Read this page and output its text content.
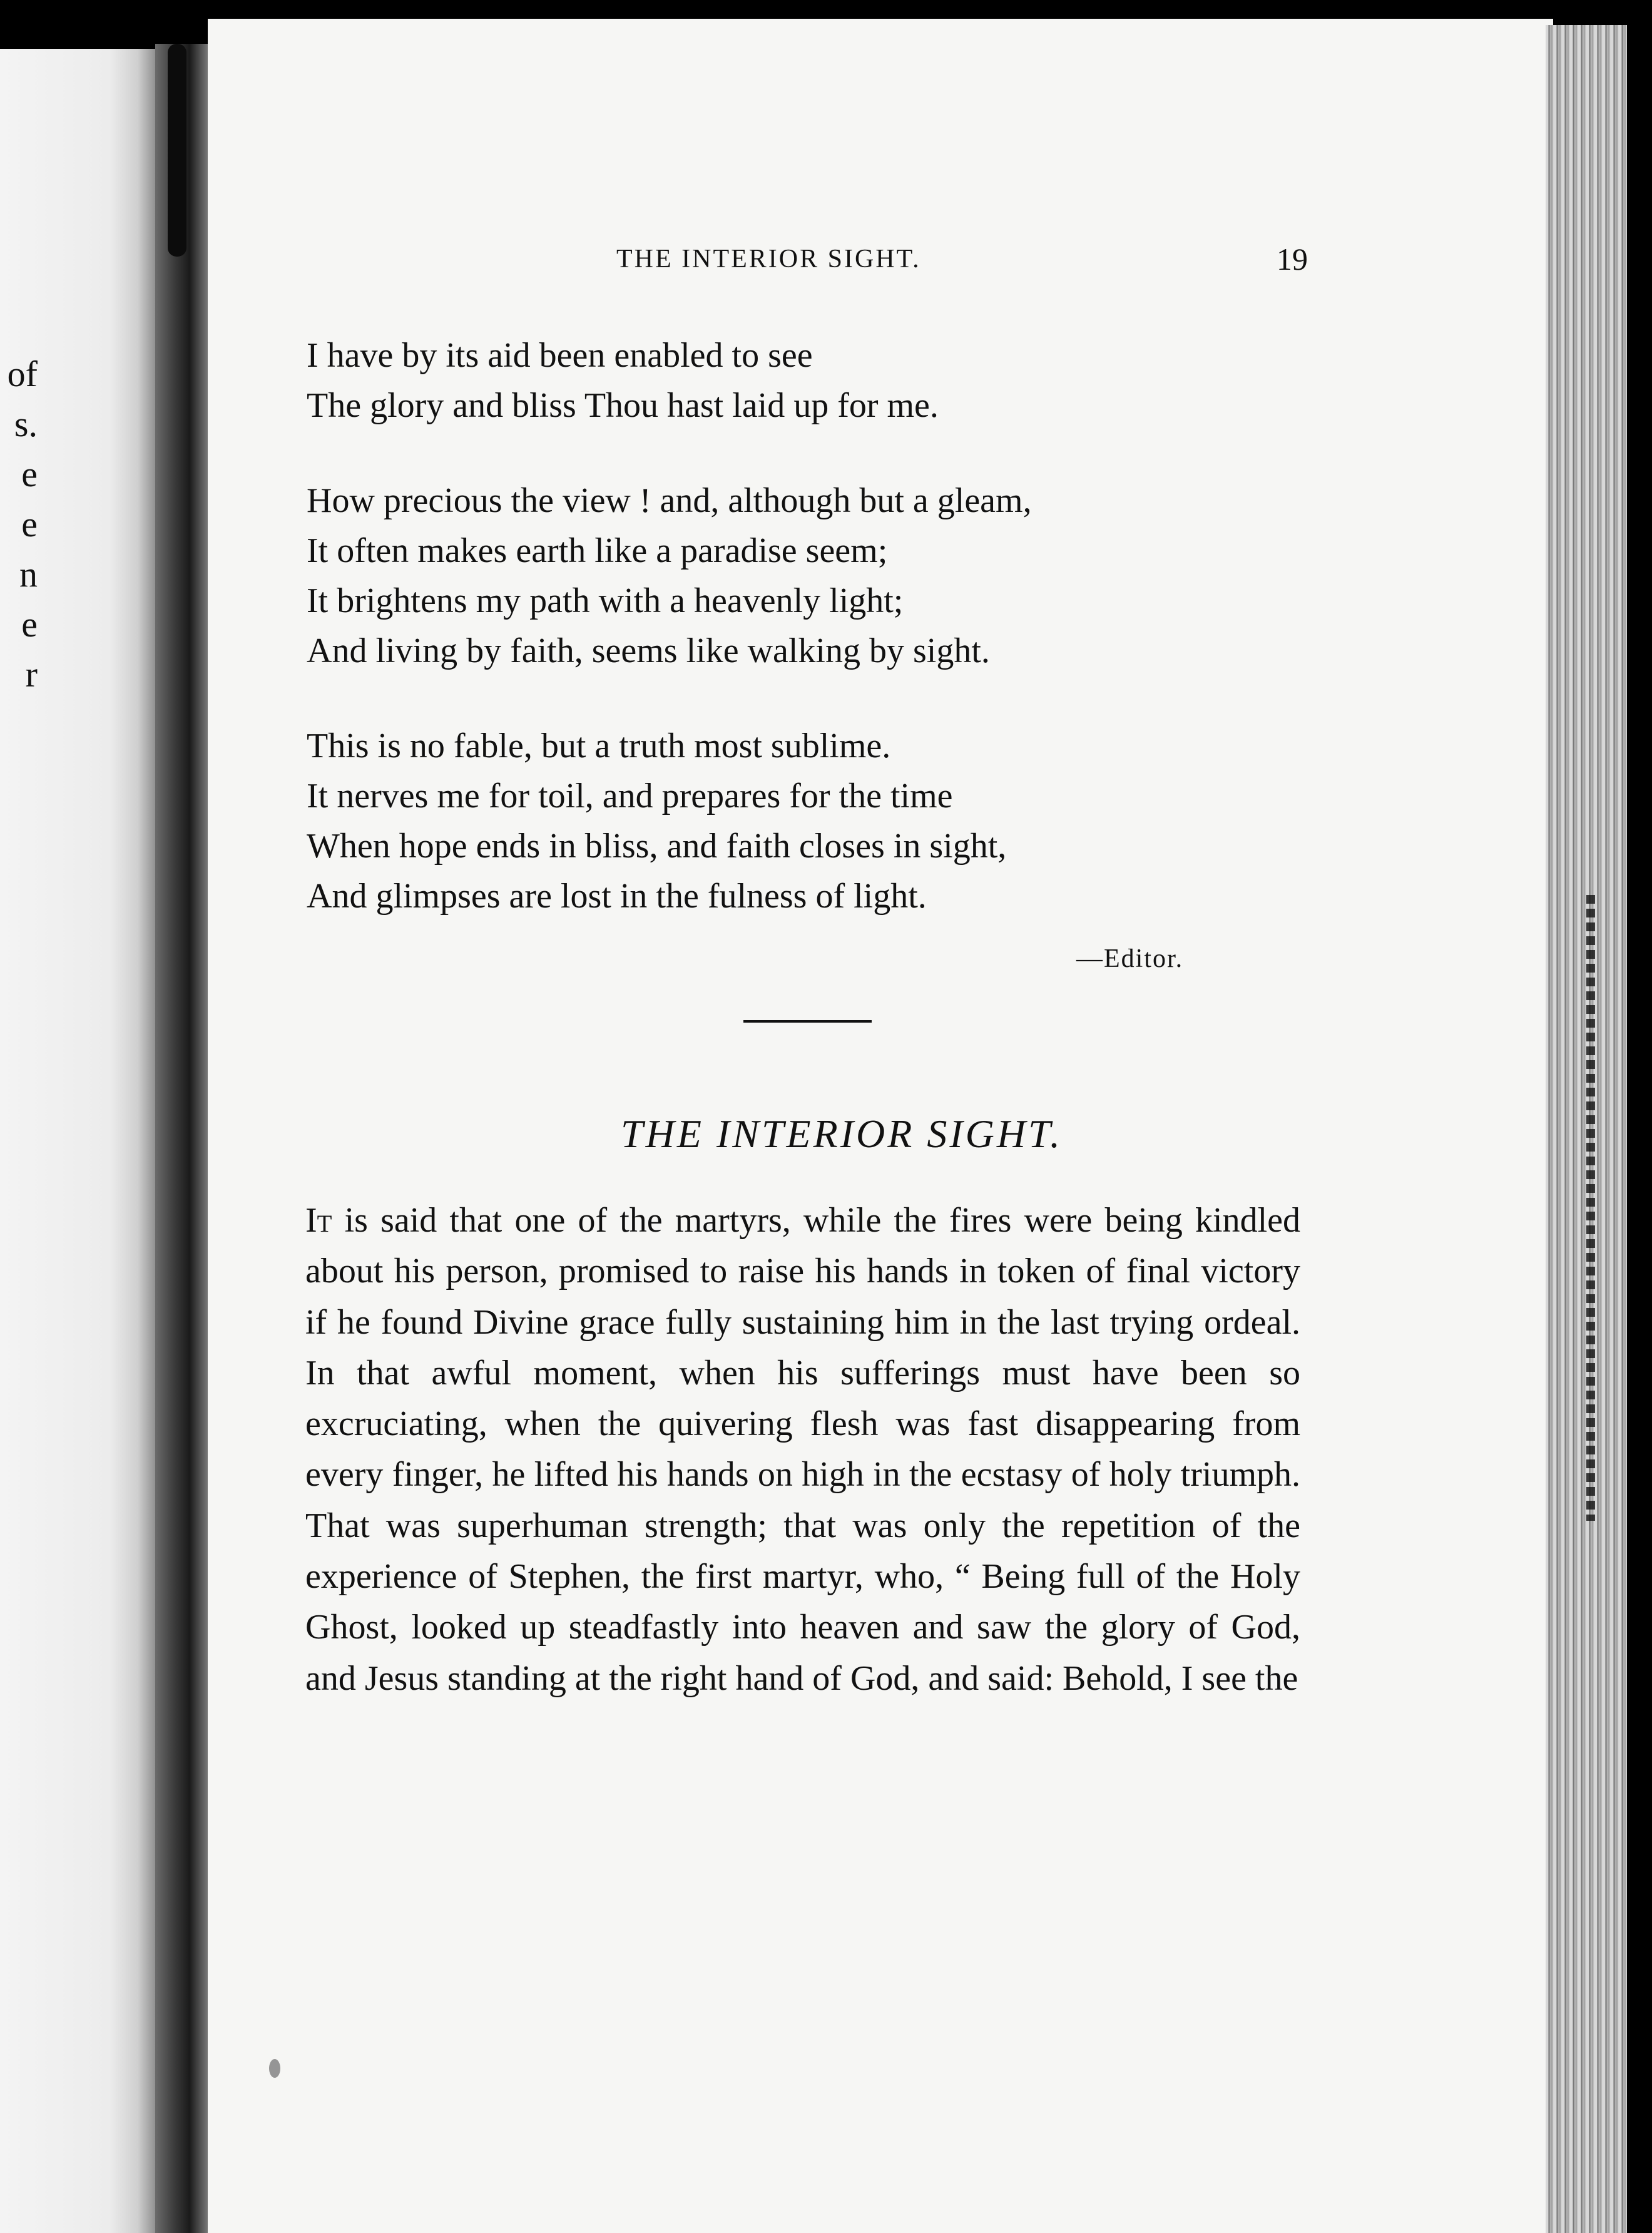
of
s.
e
e
n
e
r
THE INTERIOR SIGHT.	19
I have by its aid been enabled to see
The glory and bliss Thou hast laid up for me.
How precious the view ! and, although but a gleam,
It often makes earth like a paradise seem;
It brightens my path with a heavenly light;
And living by faith, seems like walking by sight.
This is no fable, but a truth most sublime.
It nerves me for toil, and prepares for the time
When hope ends in bliss, and faith closes in sight,
And glimpses are lost in the fulness of light.
—Editor.
THE INTERIOR SIGHT.
It is said that one of the martyrs, while the fires were being kindled about his person, promised to raise his hands in token of final victory if he found Divine grace fully sustaining him in the last trying ordeal. In that awful moment, when his sufferings must have been so excruciating, when the quivering flesh was fast disappearing from every finger, he lifted his hands on high in the ecstasy of holy triumph. That was superhuman strength; that was only the repetition of the experience of Stephen, the first martyr, who, “ Being full of the Holy Ghost, looked up steadfastly into heaven and saw the glory of God, and Jesus standing at the right hand of God, and said: Behold, I see the
